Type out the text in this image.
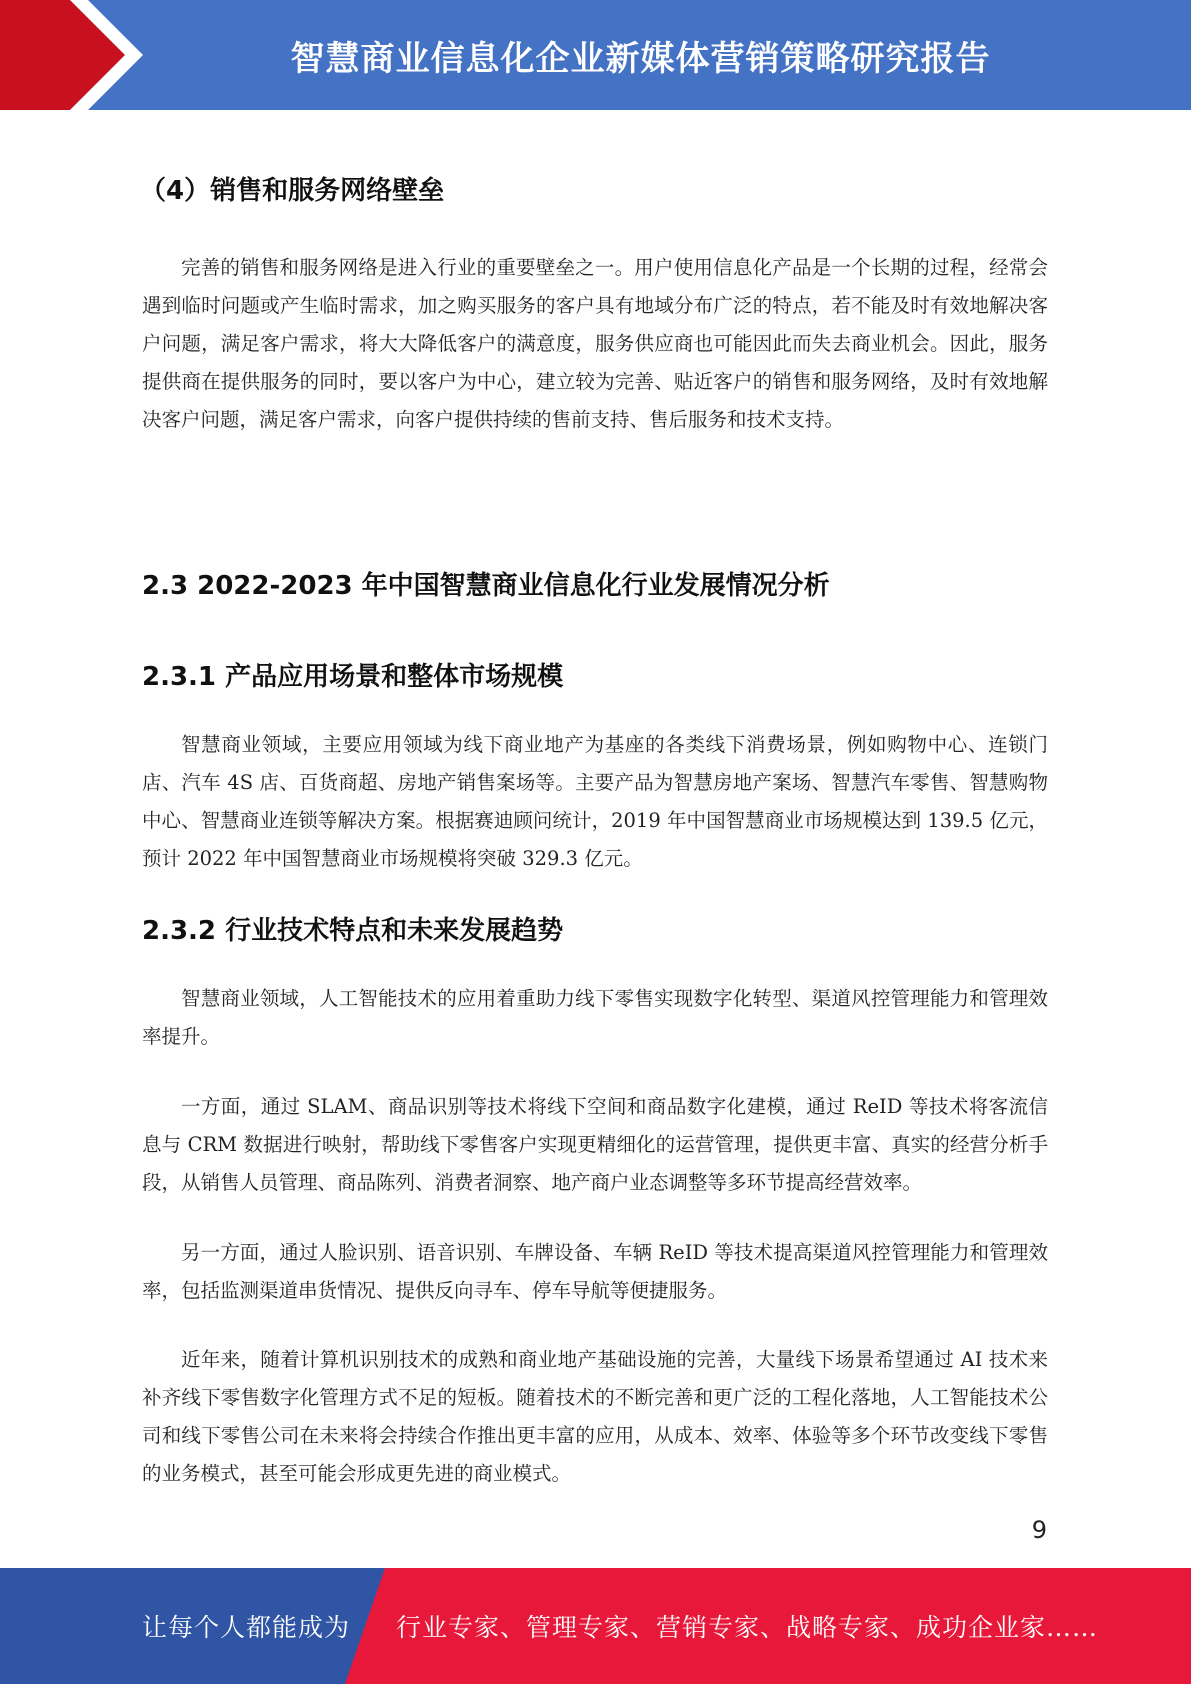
智慧商业信息化企业新媒体营销策略研究报告
（4）销售和服务网络壁垒

完善的销售和服务网络是进入行业的重要壁垒之一。用户使用信息化产品是一个长期的过程，经常会遇到临时问题或产生临时需求，加之购买服务的客户具有地域分布广泛的特点，若不能及时有效地解决客户问题，满足客户需求，将大大降低客户的满意度，服务供应商也可能因此而失去商业机会。因此，服务提供商在提供服务的同时，要以客户为中心，建立较为完善、贴近客户的销售和服务网络，及时有效地解决客户问题，满足客户需求，向客户提供持续的售前支持、售后服务和技术支持。

2.3 2022-2023 年中国智慧商业信息化行业发展情况分析
2.3.1 产品应用场景和整体市场规模

智慧商业领域，主要应用领域为线下商业地产为基座的各类线下消费场景，例如购物中心、连锁门店、汽车 4S 店、百货商超、房地产销售案场等。主要产品为智慧房地产案场、智慧汽车零售、智慧购物中心、智慧商业连锁等解决方案。根据赛迪顾问统计，2019 年中国智慧商业市场规模达到 139.5 亿元，预计 2022 年中国智慧商业市场规模将突破 329.3 亿元。

2.3.2 行业技术特点和未来发展趋势

智慧商业领域，人工智能技术的应用着重助力线下零售实现数字化转型、渠道风控管理能力和管理效率提升。

一方面，通过 SLAM、商品识别等技术将线下空间和商品数字化建模，通过 ReID 等技术将客流信息与 CRM 数据进行映射，帮助线下零售客户实现更精细化的运营管理，提供更丰富、真实的经营分析手段，从销售人员管理、商品陈列、消费者洞察、地产商户业态调整等多环节提高经营效率。

另一方面，通过人脸识别、语音识别、车牌设备、车辆 ReID 等技术提高渠道风控管理能力和管理效率，包括监测渠道串货情况、提供反向寻车、停车导航等便捷服务。

近年来，随着计算机识别技术的成熟和商业地产基础设施的完善，大量线下场景希望通过 AI 技术来补齐线下零售数字化管理方式不足的短板。随着技术的不断完善和更广泛的工程化落地，人工智能技术公司和线下零售公司在未来将会持续合作推出更丰富的应用，从成本、效率、体验等多个环节改变线下零售的业务模式，甚至可能会形成更先进的商业模式。

9
让每个人都能成为 行业专家、管理专家、营销专家、战略专家、成功企业家……
